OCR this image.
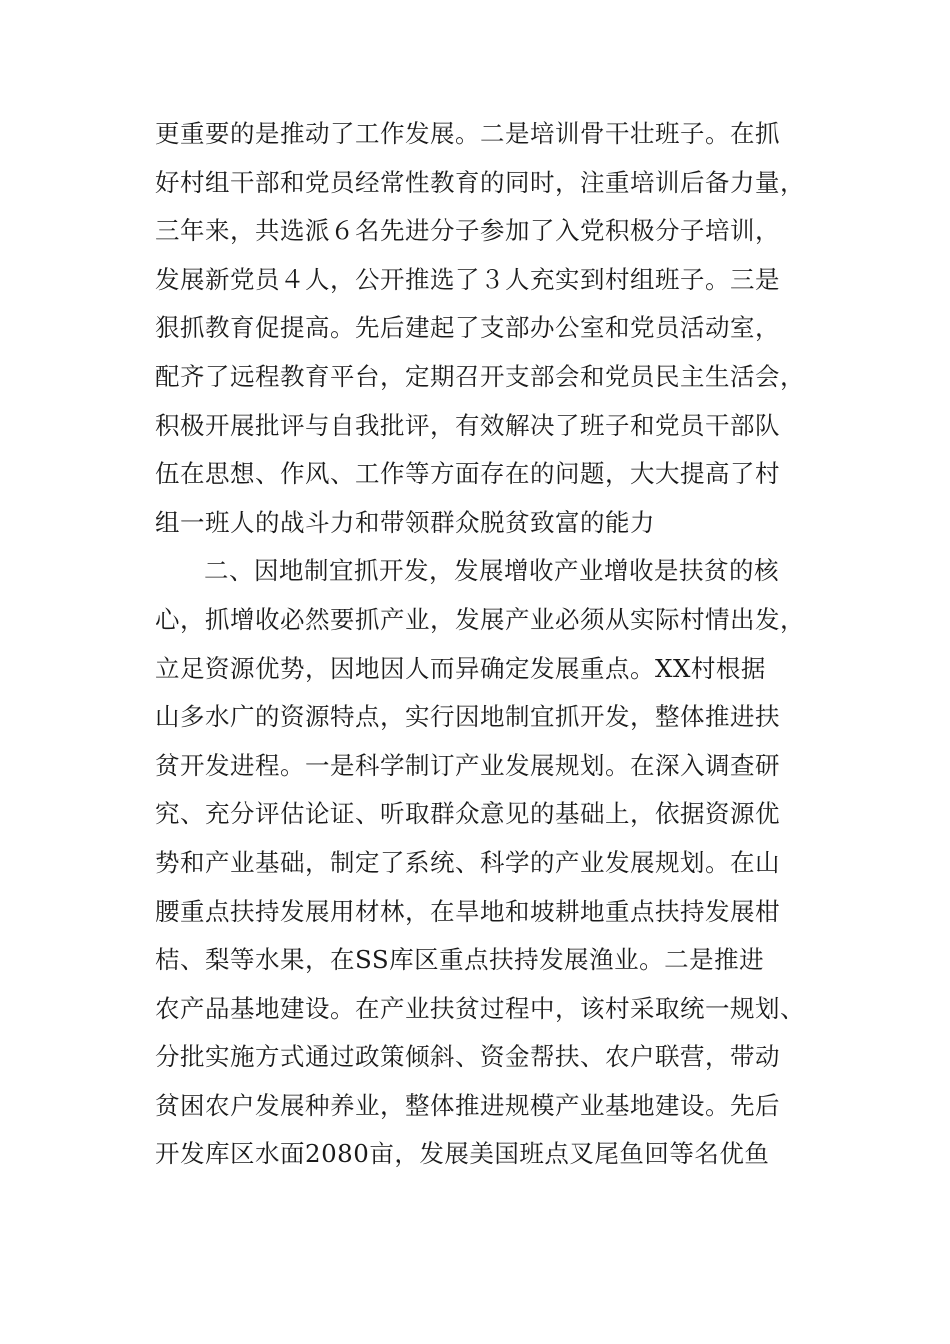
更重要的是推动了工作发展。二是培训骨干壮班子。在抓
好村组干部和党员经常性教育的同时，注重培训后备力量，
三年来，共选派６名先进分子参加了入党积极分子培训，
发展新党员４人，公开推选了３人充实到村组班子。三是
狠抓教育促提高。先后建起了支部办公室和党员活动室，
配齐了远程教育平台，定期召开支部会和党员民主生活会，
积极开展批评与自我批评，有效解决了班子和党员干部队
伍在思想、作风、工作等方面存在的问题，大大提高了村
组一班人的战斗力和带领群众脱贫致富的能力
二、因地制宜抓开发，发展增收产业增收是扶贫的核
心，抓增收必然要抓产业，发展产业必须从实际村情出发，
立足资源优势，因地因人而异确定发展重点。XX村根据
山多水广的资源特点，实行因地制宜抓开发，整体推进扶
贫开发进程。一是科学制订产业发展规划。在深入调查研
究、充分评估论证、听取群众意见的基础上，依据资源优
势和产业基础，制定了系统、科学的产业发展规划。在山
腰重点扶持发展用材林，在旱地和坡耕地重点扶持发展柑
桔、梨等水果，在SS库区重点扶持发展渔业。二是推进
农产品基地建设。在产业扶贫过程中，该村采取统一规划、
分批实施方式通过政策倾斜、资金帮扶、农户联营，带动
贫困农户发展种养业，整体推进规模产业基地建设。先后
开发库区水面2080亩，发展美国班点叉尾鱼回等名优鱼
